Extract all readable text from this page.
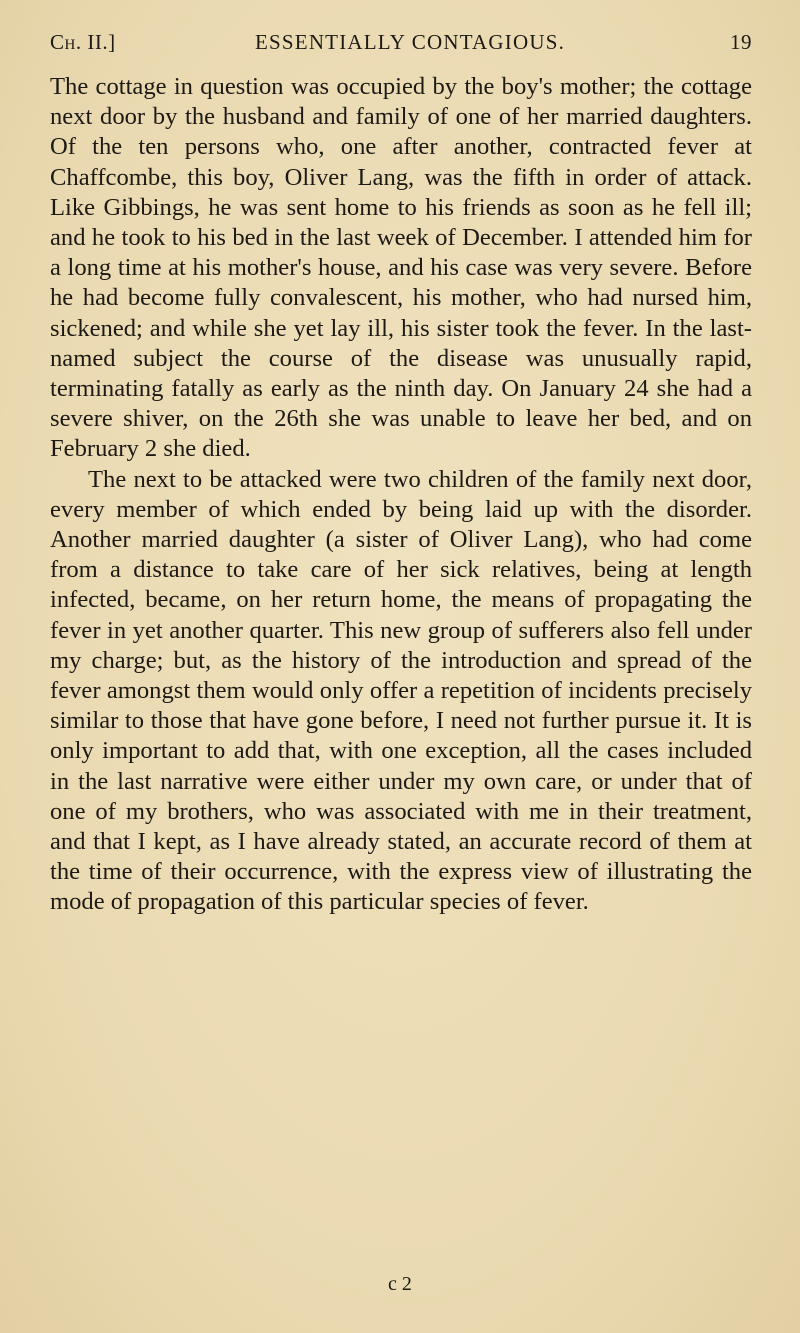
Ch. II.]	ESSENTIALLY CONTAGIOUS.	19

The cottage in question was occupied by the boy's mother; the cottage next door by the husband and family of one of her married daughters. Of the ten persons who, one after another, contracted fever at Chaffcombe, this boy, Oliver Lang, was the fifth in order of attack. Like Gibbings, he was sent home to his friends as soon as he fell ill; and he took to his bed in the last week of December. I attended him for a long time at his mother's house, and his case was very severe. Before he had become fully convalescent, his mother, who had nursed him, sickened; and while she yet lay ill, his sister took the fever. In the last-named subject the course of the disease was unusually rapid, terminating fatally as early as the ninth day. On January 24 she had a severe shiver, on the 26th she was unable to leave her bed, and on February 2 she died.

The next to be attacked were two children of the family next door, every member of which ended by being laid up with the disorder. Another married daughter (a sister of Oliver Lang), who had come from a distance to take care of her sick relatives, being at length infected, became, on her return home, the means of propagating the fever in yet another quarter. This new group of sufferers also fell under my charge; but, as the history of the introduction and spread of the fever amongst them would only offer a repetition of incidents precisely similar to those that have gone before, I need not further pursue it. It is only important to add that, with one exception, all the cases included in the last narrative were either under my own care, or under that of one of my brothers, who was associated with me in their treatment, and that I kept, as I have already stated, an accurate record of them at the time of their occurrence, with the express view of illustrating the mode of propagation of this particular species of fever.

c 2
